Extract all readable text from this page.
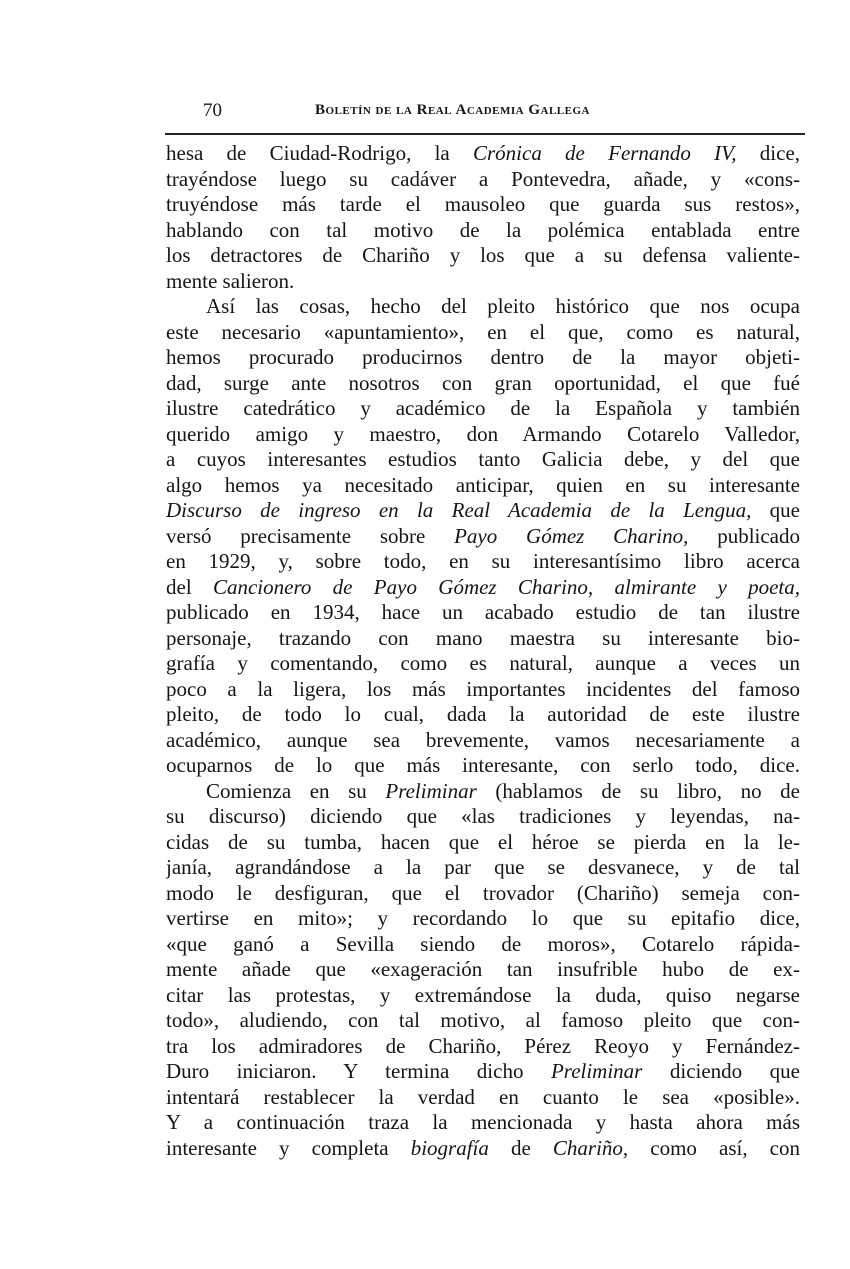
70	Boletín de la Real Academia Gallega
hesa de Ciudad-Rodrigo, la Crónica de Fernando IV, dice,
trayéndose luego su cadáver a Pontevedra, añade, y «cons-
truyéndose más tarde el mausoleo que guarda sus restos»,
hablando con tal motivo de la polémica entablada entre
los detractores de Chariño y los que a su defensa valiente-
mente salieron.
Así las cosas, hecho del pleito histórico que nos ocupa
este necesario «apuntamiento», en el que, como es natural,
hemos procurado producirnos dentro de la mayor objeti-
dad, surge ante nosotros con gran oportunidad, el que fué
ilustre catedrático y académico de la Española y también
querido amigo y maestro, don Armando Cotarelo Valledor,
a cuyos interesantes estudios tanto Galicia debe, y del que
algo hemos ya necesitado anticipar, quien en su interesante
Discurso de ingreso en la Real Academia de la Lengua, que
versó precisamente sobre Payo Gómez Charino, publicado
en 1929, y, sobre todo, en su interesantísimo libro acerca
del Cancionero de Payo Gómez Charino, almirante y poeta,
publicado en 1934, hace un acabado estudio de tan ilustre
personaje, trazando con mano maestra su interesante bio-
grafía y comentando, como es natural, aunque a veces un
poco a la ligera, los más importantes incidentes del famoso
pleito, de todo lo cual, dada la autoridad de este ilustre
académico, aunque sea brevemente, vamos necesariamente a
ocuparnos de lo que más interesante, con serlo todo, dice.
Comienza en su Preliminar (hablamos de su libro, no de
su discurso) diciendo que «las tradiciones y leyendas, na-
cidas de su tumba, hacen que el héroe se pierda en la le-
janía, agrandándose a la par que se desvanece, y de tal
modo le desfiguran, que el trovador (Chariño) semeja con-
vertirse en mito»; y recordando lo que su epitafio dice,
«que ganó a Sevilla siendo de moros», Cotarelo rápida-
mente añade que «exageración tan insufrible hubo de ex-
citar las protestas, y extremándose la duda, quiso negarse
todo», aludiendo, con tal motivo, al famoso pleito que con-
tra los admiradores de Chariño, Pérez Reoyo y Fernández-
Duro iniciaron. Y termina dicho Preliminar diciendo que
intentará restablecer la verdad en cuanto le sea «posible».
Y a continuación traza la mencionada y hasta ahora más
interesante y completa biografía de Chariño, como así, con
